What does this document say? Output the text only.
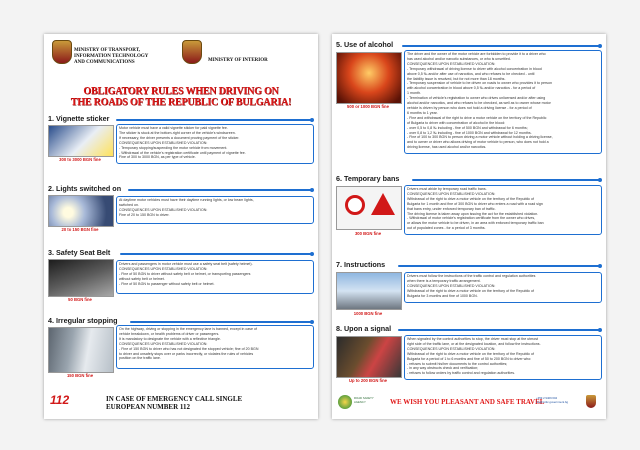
MINISTRY OF TRANSPORT,
INFORMATION TECHNOLOGY
AND COMMUNICATIONS	MINISTRY OF INTERIOR
OBLIGATORY RULES WHEN DRIVING ON
THE ROADS OF THE REPUBLIC OF BULGARIA!
1. Vignette sticker
300 to 3000 BGN fine
Motor vehicle must have a valid vignette sticker for paid vignette fee.
The sticker is stuck at the bottom-right corner of the vehicle's windscreen.
If necessary, the driver presents a document proving payment of the sticker.
CONSEQUENCES UPON ESTABLISHED VIOLATION:
- Temporary stopping/suspending the motor vehicle from movement.
- Withdrawal of the vehicle's registration certificate until payment of vignette fee.
Fine of 300 to 3000 BGN, as per type of vehicle.
2. Lights switched on
20 to 150 BGN fine
At daytime motor vehicles must have their daytime running lights, or low beam lights,
switched on.
CONSEQUENCES UPON ESTABLISHED VIOLATION:
Fine of 20 to 150 BGN to driver.
3. Safety Seat Belt
50 BGN fine
Drivers and passengers in motor vehicle must use a safety seat belt (safety helmet).
CONSEQUENCES UPON ESTABLISHED VIOLATION:
- Fine of 50 BGN to driver without safety belt or helmet, or transporting passengers
without safety belt or helmet.
- Fine of 50 BGN to passenger without safety belt or helmet.
4. Irregular stopping
150 BGN fine
On the highway, driving or stopping in the emergency lane is banned, except in case of
vehicle breakdown, or health problems of driver or passengers.
It is mandatory to designate the vehicle with a reflective triangle.
CONSEQUENCES UPON ESTABLISHED VIOLATION:
- Fine of 150 BGN to driver who has not designated the stopped vehicle; fine of 20 BGN
to driver and unsafely stops over or parks incorrectly, or violates the rules of vehicles
position on the traffic lane.
112	IN CASE OF EMERGENCY CALL SINGLE
EUROPEAN NUMBER 112
5. Use of alcohol
500 or 1000 BGN fine
The driver and the owner of the motor vehicle are forbidden to provide it to a driver who
has used alcohol and/or narcotic substances, or who is unsettled.
CONSEQUENCES UPON ESTABLISHED VIOLATION:
- Temporary withdrawal of driving license to driver with alcohol concentration in blood
above 0,5 ‰ and/or after use of narcotics, and who refuses to be checked - until
the liability issue is resolved, but for not more than 18 months.
- Temporary suspension of vehicle to be driven on roads to owner who provides it to person
with alcohol concentration in blood above 0,5 ‰ and/or narcotics - for a period of
1 month.
- Termination of vehicle's registration to owner who drives unlicensed and/or after using
alcohol and/or narcotics, and who refuses to be checked, as well as to owner whose motor
vehicle is driven by person who does not hold a driving license - for a period of
6 months to 1 year.
- Fine and withdrawal of the right to drive a motor vehicle on the territory of the Republic
of Bulgaria to driver with concentration of alcohol in the blood:
- over 0,5 to 0,8 ‰ including - fine of 500 BGN and withdrawal for 6 months;
- over 0,8 to 1,2 ‰ including - fine of 1000 BGN and withdrawal for 12 months.
- Fine of 100 to 300 BGN to person driving a motor vehicle without holding a driving license,
and to owner or driver who allows driving of motor vehicle to person, who does not hold a
driving license, has used alcohol and/or narcotics.
6. Temporary bans
300 BGN fine
Drivers must abide by temporary road traffic bans.
CONSEQUENCES UPON ESTABLISHED VIOLATION:
Withdrawal of the right to drive a motor vehicle on the territory of the Republic of
Bulgaria for 1 month and fine of 300 BGN to driver who enters a road with a road sign
that bans entry, under enforced temporary ban of traffic.
The driving license is taken away upon issuing the act for the established violation.
- Withdrawal of motor vehicle's registration certificate from the owner who drives,
or allows the motor vehicle to be driven, in an area with enforced temporary traffic ban
out of populated zones - for a period of 3 months.
7. Instructions
1000 BGN fine
Drivers must follow the instructions of the traffic control and regulation authorities
when there is a temporary traffic arrangement.
CONSEQUENCES UPON ESTABLISHED VIOLATION:
Withdrawal of the right to drive a motor vehicle on the territory of the Republic of
Bulgaria for 3 months and fine of 1000 BGN.
8. Upon a signal
Up to 200 BGN fine
When signaled by the control authorities to stop, the driver must stop at the utmost
right side of the traffic lane, or at the designated location, and follow the instructions.
CONSEQUENCES UPON ESTABLISHED VIOLATION:
Withdrawal of the right to drive a motor vehicle on the territory of the Republic of
Bulgaria for a period of 1 to 6 months and fine of 50 to 200 BGN to driver who:
- refuses to submit his/her documents to the control authorities;
- in any way obstructs check and verification;
- refuses to follow orders by traffic control and regulation authorities.
ROAD SAFETY
AGENCY	WE WISH YOU PLEASANT AND SAFE TRAVEL
+359 2 9409 604
rsa@mtitc.government.bg
